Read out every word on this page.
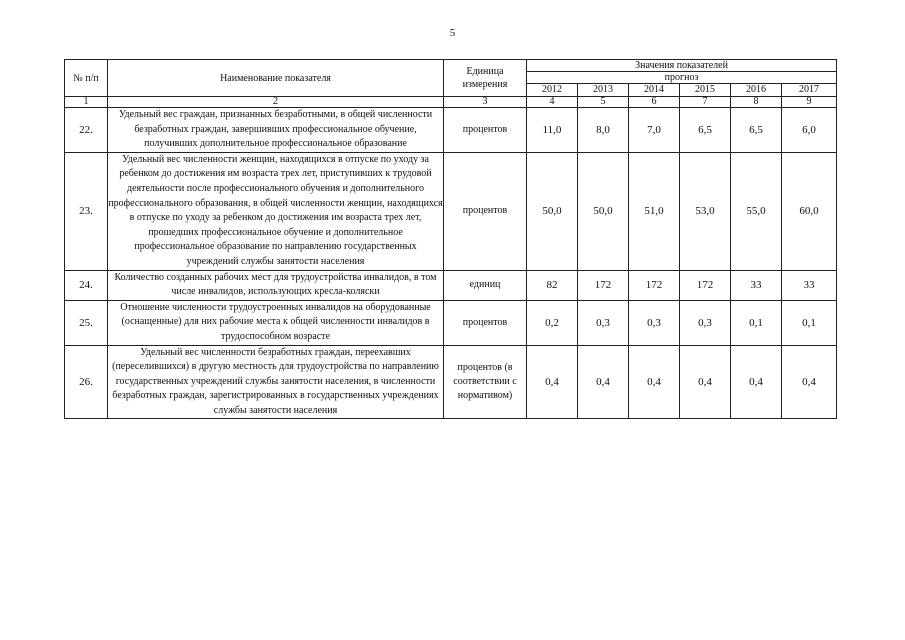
5
№ п/п	Наименование показателя	Единица измерения	Значения показателей					
			прогноз					
			2012	2013	2014	2015	2016	2017
1	2	3	4	5	6	7	8	9
22.	Удельный вес граждан, признанных безработными, в общей численности безработных граждан, завершивших профессиональное обучение, получивших дополнительное профессиональное образование	процентов	11,0	8,0	7,0	6,5	6,5	6,0
23.	Удельный вес численности женщин, находящихся в отпуске по уходу за ребенком до достижения им возраста трех лет, приступивших к трудовой деятельности после профессионального обучения и дополнительного профессионального образования, в общей численности женщин, находящихся в отпуске по уходу за ребенком до достижения им возраста трех лет, прошедших профессиональное обучение и дополнительное профессиональное образование по направлению государственных учреждений службы занятости населения	процентов	50,0	50,0	51,0	53,0	55,0	60,0
24.	Количество созданных рабочих мест для трудоустройства инвалидов, в том числе инвалидов, использующих кресла-коляски	единиц	82	172	172	172	33	33
25.	Отношение численности трудоустроенных инвалидов на оборудованные (оснащенные) для них рабочие места к общей численности инвалидов в трудоспособном возрасте	процентов	0,2	0,3	0,3	0,3	0,1	0,1
26.	Удельный вес численности безработных граждан, переехавших (переселившихся) в другую местность для трудоустройства по направлению государственных учреждений службы занятости населения, в численности безработных граждан, зарегистрированных в государственных учреждениях службы занятости населения	процентов (в соответствии с нормативом)	0,4	0,4	0,4	0,4	0,4	0,4
